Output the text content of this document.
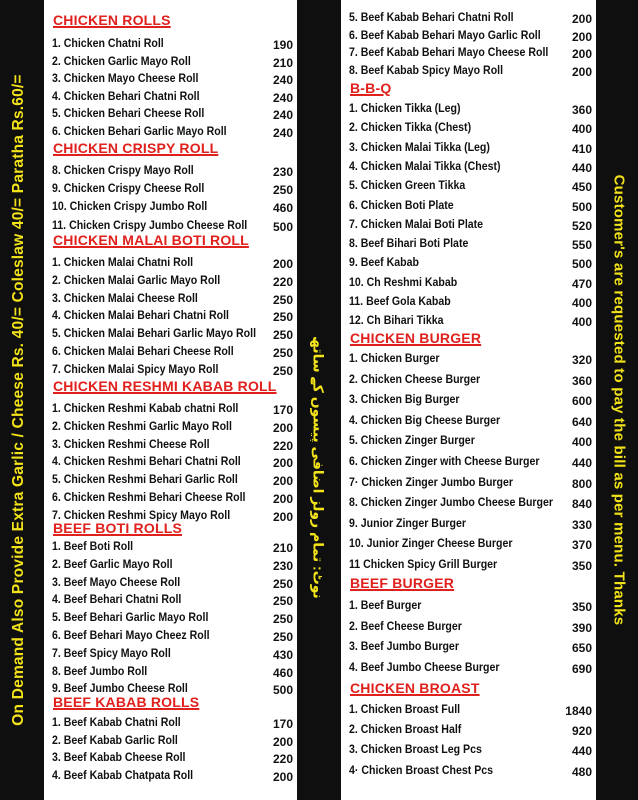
On Demand Also Provide Extra Garlic / Cheese Rs. 40/= Coleslaw 40/= Paratha Rs.60/=	Customer's are requested to pay the bill as per menu. Thanks
نوٹ: تمام رولز اضافی پیسوں کے ساتھ
CHICKEN ROLLS
1. Chicken Chatni Roll	190
2. Chicken Garlic Mayo Roll	210
3. Chicken Mayo Cheese Roll	240
4. Chicken Behari Chatni Roll	240
5. Chicken Behari Cheese Roll	240
6. Chicken Behari Garlic Mayo Roll	240
CHICKEN CRISPY ROLL
8. Chicken Crispy Mayo Roll	230
9. Chicken Crispy Cheese Roll	250
10. Chicken Crispy Jumbo Roll	460
11. Chicken Crispy Jumbo Cheese Roll 500
CHICKEN MALAI BOTI ROLL
1. Chicken Malai Chatni Roll	200
2. Chicken Malai Garlic Mayo Roll	220
3. Chicken Malai Cheese Roll	250
4. Chicken Malai Behari Chatni Roll	250
5. Chicken Malai Behari Garlic Mayo Roll 250
6. Chicken Malai Behari Cheese Roll	250
7. Chicken Malai Spicy Mayo Roll	250
CHICKEN RESHMI KABAB ROLL
1. Chicken Reshmi Kabab chatni Roll	170
2. Chicken Reshmi Garlic Mayo Roll	200
3. Chicken Reshmi Cheese Roll	220
4. Chicken Reshmi Behari Chatni Roll	200
5. Chicken Reshmi Behari Garlic Roll	200
6. Chicken Reshmi Behari Cheese Roll 200
7. Chicken Reshmi Spicy Mayo Roll	200
BEEF BOTI ROLLS
1. Beef Boti Roll	210
2. Beef Garlic Mayo Roll	230
3. Beef Mayo Cheese Roll	250
4. Beef Behari Chatni Roll	250
5. Beef Behari Garlic Mayo Roll	250
6. Beef Behari Mayo Cheez Roll	250
7. Beef Spicy Mayo Roll	430
8. Beef Jumbo Roll	460
9. Beef Jumbo Cheese Roll	500
BEEF KABAB ROLLS
1. Beef Kabab Chatni Roll	170
2. Beef Kabab Garlic Roll	200
3. Beef Kabab Cheese Roll	220
4. Beef Kabab Chatpata Roll	200
5. Beef Kabab Behari Chatni Roll	200
6. Beef Kabab Behari Mayo Garlic Roll	200
7. Beef Kabab Behari Mayo Cheese Roll 200
8. Beef Kabab Spicy Mayo Roll	200
B-B-Q
1. Chicken Tikka (Leg)	360
2. Chicken Tikka (Chest)	400
3. Chicken Malai Tikka (Leg)	410
4. Chicken Malai Tikka (Chest)	440
5. Chicken Green Tikka	450
6. Chicken Boti Plate	500
7. Chicken Malai Boti Plate	520
8. Beef Bihari Boti Plate	550
9. Beef Kabab	500
10. Ch Reshmi Kabab	470
11. Beef Gola Kabab	400
12. Ch Bihari Tikka	400
CHICKEN BURGER
1. Chicken Burger	320
2. Chicken Cheese Burger	360
3. Chicken Big Burger	600
4. Chicken Big Cheese Burger	640
5. Chicken Zinger Burger	400
6. Chicken Zinger with Cheese Burger	440
7· Chicken Zinger Jumbo Burger	800
8. Chicken Zinger Jumbo Cheese Burger 840
9. Junior Zinger Burger	330
10. Junior Zinger Cheese Burger	370
11 Chicken Spicy Grill Burger	350
BEEF BURGER
1. Beef Burger	350
2. Beef Cheese Burger	390
3. Beef Jumbo Burger	650
4. Beef Jumbo Cheese Burger	690
CHICKEN BROAST
1. Chicken Broast Full	1840
2. Chicken Broast Half	920
3. Chicken Broast Leg Pcs	440
4· Chicken Broast Chest Pcs	480
